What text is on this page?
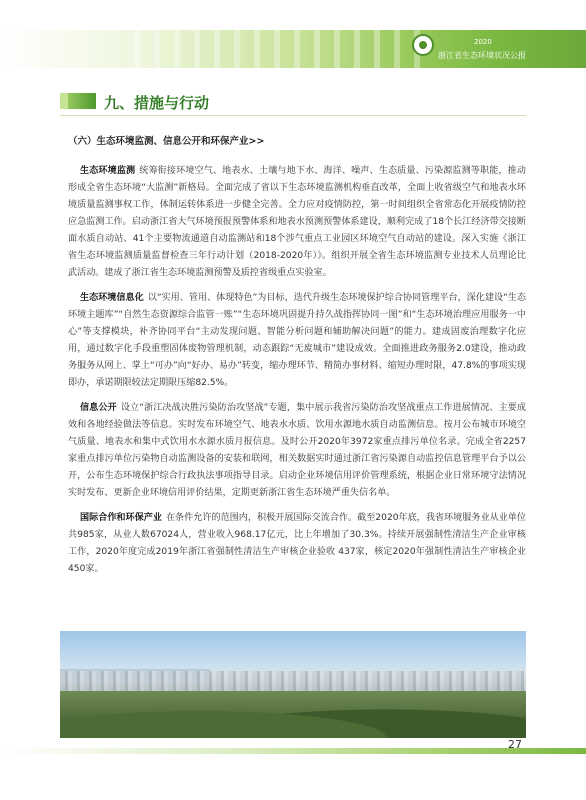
2020
浙江省生态环境状况公报
九、措施与行动
（六）生态环境监测、信息公开和环保产业>>

生态环境监测 统筹衔接环境空气、地表水、土壤与地下水、海洋、噪声、生态质量、污染源监测等职能，推动形成全省生态环境“大监测”新格局。全面完成了省以下生态环境监测机构垂直改革，全面上收省级空气和地表水环境质量监测事权工作，体制运转体系进一步健全完善。全力应对疫情防控，第一时间组织全省常态化开展疫情防控应急监测工作。启动浙江省大气环境预报预警体系和地表水预测预警体系建设，顺利完成了18个长江经济带交接断面水质自动站、41个主要物流通道自动监测站和18个涉气重点工业园区环境空气自动站的建设。深入实施《浙江省生态环境监测质量监督检查三年行动计划（2018-2020年）》。组织开展全省生态环境监测专业技术人员理论比武活动。建成了浙江省生态环境监测预警及质控省级重点实验室。

生态环境信息化 以“实用、管用、体现特色”为目标，迭代升级生态环境保护综合协同管理平台，深化建设“生态环境主题库”“自然生态资源综合监管一账”“生态环境巩固提升持久战指挥协同一图”和“生态环境治理应用服务一中心”等支撑模块，补齐协同平台“主动发现问题、智能分析问题和辅助解决问题”的能力。建成固废治理数字化应用，通过数字化手段重塑固体废物管理机制，动态跟踪“无废城市”建设成效。全面推进政务服务2.0建设，推动政务服务从网上、掌上“可办”向“好办、易办”转变，缩办理环节、精简办事材料、缩短办理时限，47.8%的事项实现即办，承诺期限较法定期限压缩82.5%。

信息公开 设立“浙江决战决胜污染防治攻坚战”专题，集中展示我省污染防治攻坚战重点工作进展情况、主要成效和各地经验做法等信息。实时发布环境空气、地表水水质、饮用水源地水质自动监测信息。按月公布城市环境空气质量、地表水和集中式饮用水水源水质月报信息。及时公开2020年3972家重点排污单位名录。完成全省2257家重点排污单位污染物自动监测设备的安装和联网，相关数据实时通过浙江省污染源自动监控信息管理平台予以公开，公布生态环境保护综合行政执法事项指导目录。启动企业环境信用评价管理系统，根据企业日常环境守法情况实时发布、更新企业环境信用评价结果，定期更新浙江省生态环境严重失信名单。

国际合作和环保产业 在条件允许的范围内，积极开展国际交流合作。截至2020年底，我省环境服务业从业单位共985家，从业人数67024人，营业收入968.17亿元，比上年增加了30.3%。持续开展强制性清洁生产企业审核工作，2020年度完成2019年浙江省强制性清洁生产审核企业验收 437家，核定2020年强制性清洁生产审核企业450家。

27
